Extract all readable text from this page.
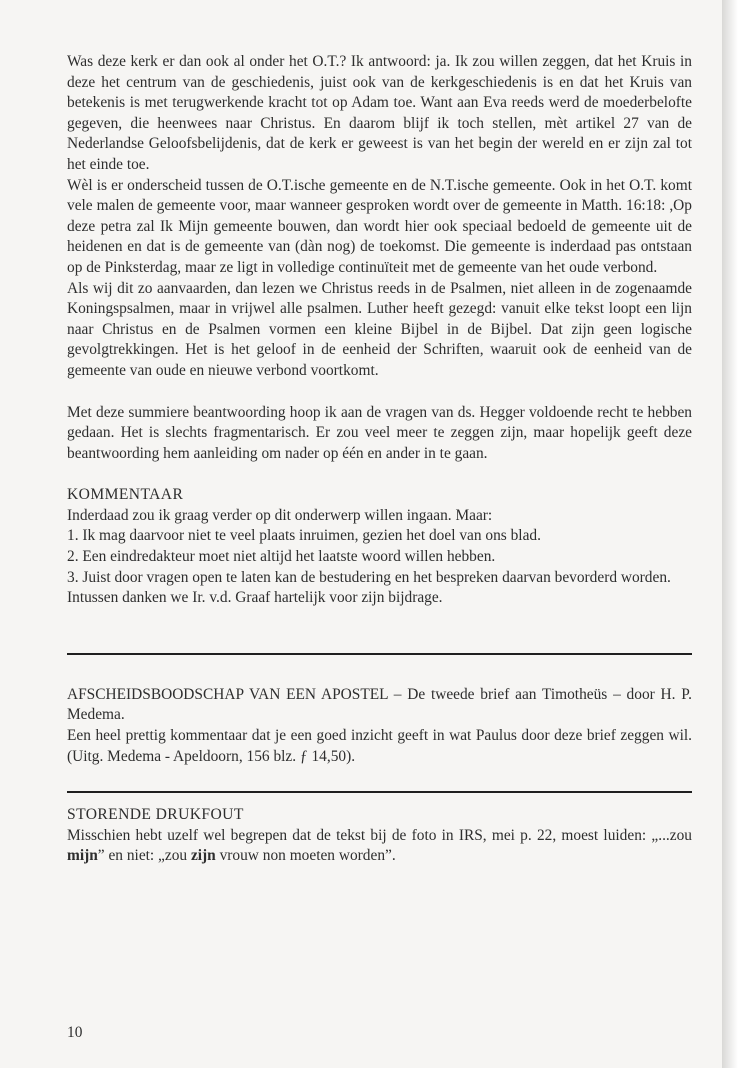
Was deze kerk er dan ook al onder het O.T.? Ik antwoord: ja. Ik zou willen zeggen, dat het Kruis in deze het centrum van de geschiedenis, juist ook van de kerkgeschiedenis is en dat het Kruis van betekenis is met terugwerkende kracht tot op Adam toe. Want aan Eva reeds werd de moederbelofte gegeven, die heenwees naar Christus. En daarom blijf ik toch stellen, mèt artikel 27 van de Nederlandse Geloofsbelijdenis, dat de kerk er geweest is van het begin der wereld en er zijn zal tot het einde toe.

Wèl is er onderscheid tussen de O.T.ische gemeente en de N.T.ische gemeente. Ook in het O.T. komt vele malen de gemeente voor, maar wanneer gesproken wordt over de gemeente in Matth. 16:18: ,Op deze petra zal Ik Mijn gemeente bouwen, dan wordt hier ook speciaal bedoeld de gemeente uit de heidenen en dat is de gemeente van (dàn nog) de toekomst. Die gemeente is inderdaad pas ontstaan op de Pinksterdag, maar ze ligt in volledige continuïteit met de gemeente van het oude verbond.

Als wij dit zo aanvaarden, dan lezen we Christus reeds in de Psalmen, niet alleen in de zogenaamde Koningspsalmen, maar in vrijwel alle psalmen. Luther heeft gezegd: vanuit elke tekst loopt een lijn naar Christus en de Psalmen vormen een kleine Bijbel in de Bijbel. Dat zijn geen logische gevolgtrekkingen. Het is het geloof in de eenheid der Schriften, waaruit ook de eenheid van de gemeente van oude en nieuwe verbond voortkomt.

Met deze summiere beantwoording hoop ik aan de vragen van ds. Hegger voldoende recht te hebben gedaan. Het is slechts fragmentarisch. Er zou veel meer te zeggen zijn, maar hopelijk geeft deze beantwoording hem aanleiding om nader op één en ander in te gaan.

KOMMENTAAR

Inderdaad zou ik graag verder op dit onderwerp willen ingaan. Maar:

1. Ik mag daarvoor niet te veel plaats inruimen, gezien het doel van ons blad.

2. Een eindredakteur moet niet altijd het laatste woord willen hebben.

3. Juist door vragen open te laten kan de bestudering en het bespreken daarvan bevorderd worden.

Intussen danken we Ir. v.d. Graaf hartelijk voor zijn bijdrage.

AFSCHEIDSBOODSCHAP VAN EEN APOSTEL – De tweede brief aan Timotheüs – door H. P. Medema.

Een heel prettig kommentaar dat je een goed inzicht geeft in wat Paulus door deze brief zeggen wil. (Uitg. Medema - Apeldoorn, 156 blz. ƒ 14,50).

STORENDE DRUKFOUT

Misschien hebt uzelf wel begrepen dat de tekst bij de foto in IRS, mei p. 22, moest luiden: „...zou mijn” en niet: „zou zijn vrouw non moeten worden”.

10
